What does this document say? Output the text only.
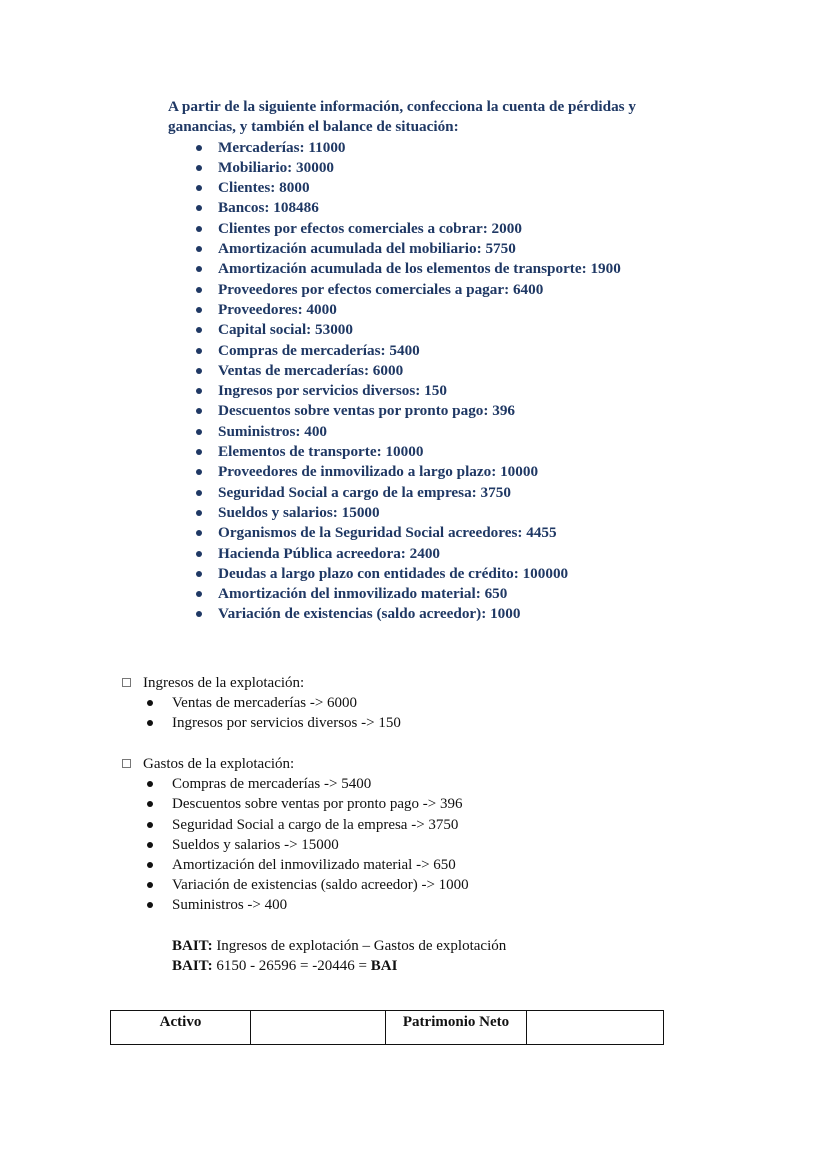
A partir de la siguiente información, confecciona la cuenta de pérdidas y ganancias, y también el balance de situación:

Mercaderías: 11000
Mobiliario: 30000
Clientes: 8000
Bancos: 108486
Clientes por efectos comerciales a cobrar: 2000
Amortización acumulada del mobiliario: 5750
Amortización acumulada de los elementos de transporte: 1900
Proveedores por efectos comerciales a pagar: 6400
Proveedores: 4000
Capital social: 53000
Compras de mercaderías: 5400
Ventas de mercaderías: 6000
Ingresos por servicios diversos: 150
Descuentos sobre ventas por pronto pago: 396
Suministros: 400
Elementos de transporte: 10000
Proveedores de inmovilizado a largo plazo: 10000
Seguridad Social a cargo de la empresa: 3750
Sueldos y salarios: 15000
Organismos de la Seguridad Social acreedores: 4455
Hacienda Pública acreedora: 2400
Deudas a largo plazo con entidades de crédito: 100000
Amortización del inmovilizado material: 650
Variación de existencias (saldo acreedor): 1000
Ingresos de la explotación:
Ventas de mercaderías -> 6000
Ingresos por servicios diversos -> 150
Gastos de la explotación:
Compras de mercaderías -> 5400
Descuentos sobre ventas por pronto pago -> 396
Seguridad Social a cargo de la empresa -> 3750
Sueldos y salarios -> 15000
Amortización del inmovilizado material -> 650
Variación de existencias (saldo acreedor) -> 1000
Suministros -> 400
BAIT: Ingresos de explotación – Gastos de explotación
BAIT: 6150 - 26596 = -20446 = BAI
Activo		Patrimonio Neto	
